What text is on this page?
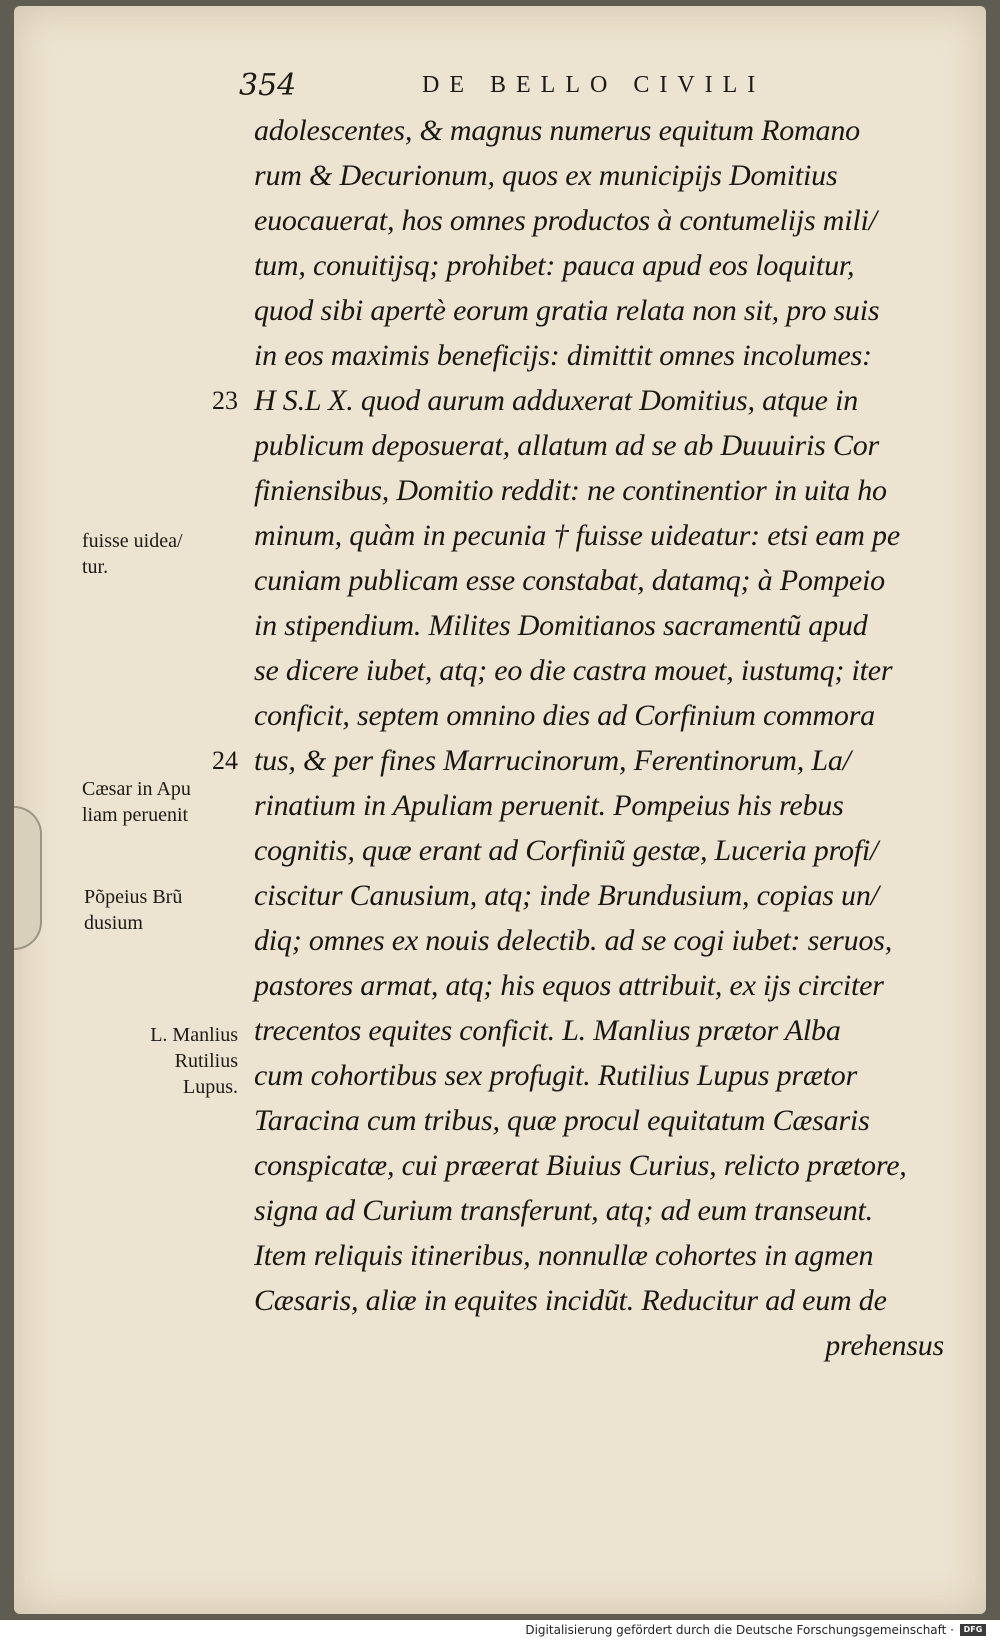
354	DE BELLO CIVILI
adolescentes, & magnus numerus equitum Romano
rum & Decurionum, quos ex municipijs Domitius
euocauerat, hos omnes productos à contumelijs mili/
tum, conuitijsq; prohibet: pauca apud eos loquitur,
quod sibi apertè eorum gratia relata non sit, pro suis
in eos maximis beneficijs: dimittit omnes incolumes:
H S.L X. quod aurum adduxerat Domitius, atque in
publicum deposuerat, allatum ad se ab Duuuiris Cor
finiensibus, Domitio reddit: ne continentior in uita ho
minum, quàm in pecunia † fuisse uideatur: etsi eam pe
cuniam publicam esse constabat, datamq; à Pompeio
in stipendium. Milites Domitianos sacramentũ apud
se dicere iubet, atq; eo die castra mouet, iustumq; iter
conficit, septem omnino dies ad Corfinium commora
tus, & per fines Marrucinorum, Ferentinorum, La/
rinatium in Apuliam peruenit. Pompeius his rebus
cognitis, quæ erant ad Corfiniũ gestæ, Luceria profi/
ciscitur Canusium, atq; inde Brundusium, copias un/
diq; omnes ex nouis delectib. ad se cogi iubet: seruos,
pastores armat, atq; his equos attribuit, ex ijs circiter
trecentos equites conficit. L. Manlius prætor Alba
cum cohortibus sex profugit. Rutilius Lupus prætor
Taracina cum tribus, quæ procul equitatum Cæsaris
conspicatæ, cui præerat Biuius Curius, relicto prætore,
signa ad Curium transferunt, atq; ad eum transeunt.
Item reliquis itineribus, nonnullæ cohortes in agmen
Cæsaris, aliæ in equites incidũt. Reducitur ad eum de
prehensus
23
24
fuisse uidea/
tur.
Cæsar in Apu
liam peruenit
Põpeius Brũ
dusium
L. Manlius
Rutilius
Lupus.
Digitalisierung gefördert durch die Deutsche Forschungsgemeinschaft ·	DFG
